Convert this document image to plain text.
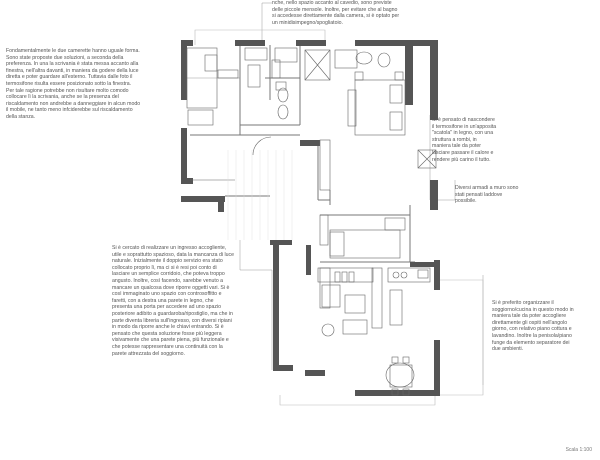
nche, nello spazio accanto al cavedio, sono previste
delle piccole mensole. Inoltre, per evitare che al bagno
si accedesse direttamente dalla camera, si è optato per
un minidisimpegno/spogliatoio.
Fondamentalmente le due camerette hanno uguale forma.
Sono state proposte due soluzioni, a seconda della
preferenza. In una la scrivania è stata messa accanto alla
finestra, nell'altra davanti, in maniera da godere della luce
diretta e poter guardare all'esterno. Tuttavia dalle foto il
termosifone risulta essere posizionato sotto la finestra.
Per tale ragione potrebbe non risultare molto comodo
collocare lì la scrivania, anche se la presenza del
riscaldamento non andrebbe a danneggiare in alcun modo
il mobile, ne tanto meno infciderebbe sul riscaldamento
della stanza.
Si è pensato di nascondere
il termosifone in un'apposita
"scatola" in legno, con una
struttura a rombi, in
maniera tale da poter
lasciare passare il calore e
rendere più carino il tutto.
Diversi armadi a muro sono
stati pensati laddove
possibile.
Si è cercato di realizzare un ingresso accogliente,
utile e soprattutto spazioso, data la mancanza di luce
naturale. Inizialmente il doppio servizio era stato
collocato proprio lì, ma ci si è resi poi conto di
lasciare un semplice corridoio, che poteva troppo
angusto. Inoltre, così facendo, sarebbe venuto a
mancare un qualcosa dove riporre oggetti vari. Si è
così immaginato uno spazio con controsoffitto e
faretti, con a destra una parete in legno, che
presenta una porta per accedere ad uno spazio
posteriore adibito a guardaroba/ripostiglio, ma che in
parte diventa libreria sull'ingresso, con diversi ripiani
in modo da riporre anche le chiavi entrando. Si è
pensato che questa soluzione fosse più leggera
visivamente che una parete piena, più funzionale e
che potesse rappresentare una continuità con la
parete attrezzata del soggiorno.
Si è preferito organizzare il
soggiorno/cucina in questo modo in
maniera tale da poter accogliere
direttamente gli ospiti nell'angolo
giorno, con relativo piano cottura e
lavandino. Inoltre la penisola/piano
funge da elemento separatore dei
due ambienti.
Scala 1:100
